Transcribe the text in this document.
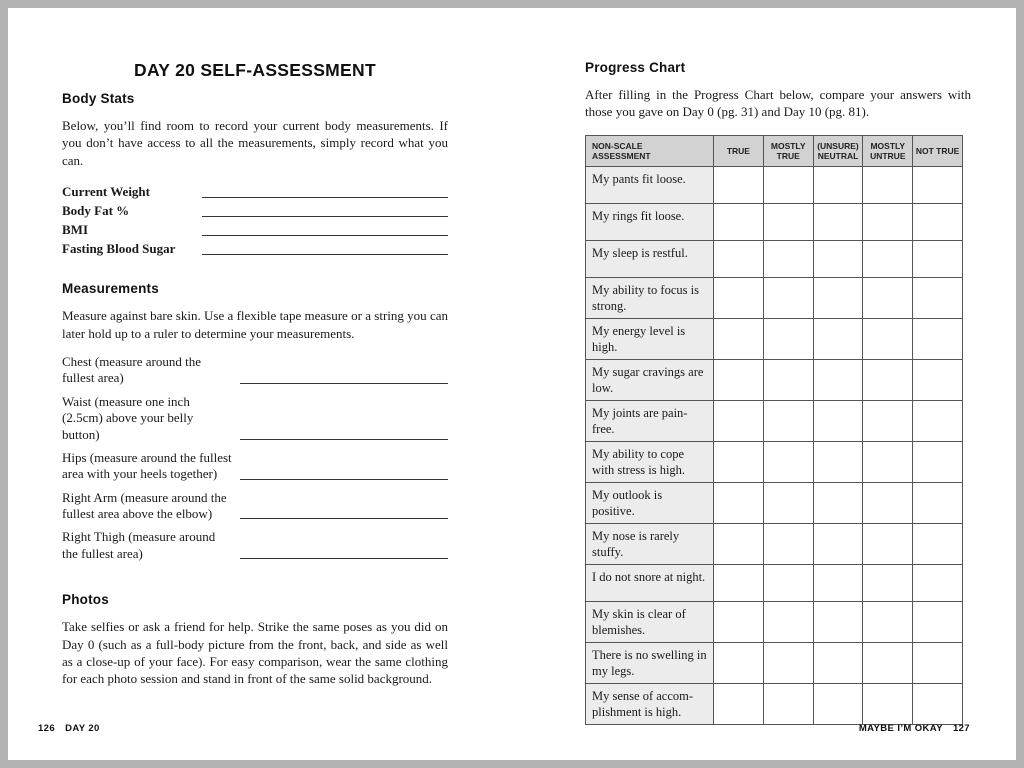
DAY 20 SELF-ASSESSMENT
Body Stats

Below, you’ll find room to record your current body measurements. If you don’t have access to all the measurements, simply record what you can.

Current Weight
Body Fat %
BMI
Fasting Blood Sugar
Measurements

Measure against bare skin. Use a flexible tape measure or a string you can later hold up to a ruler to determine your measurements.

Chest (measure around the fullest area)
Waist (measure one inch (2.5cm) above your belly button)
Hips (measure around the fullest area with your heels together)
Right Arm (measure around the fullest area above the elbow)
Right Thigh (measure around the fullest area)
Photos

Take selfies or ask a friend for help. Strike the same poses as you did on Day 0 (such as a full-body picture from the front, back, and side as well as a close-up of your face). For easy comparison, wear the same clothing for each photo session and stand in front of the same solid background.

Progress Chart

After filling in the Progress Chart below, compare your answers with those you gave on Day 0 (pg. 31) and Day 10 (pg. 81).

NON-SCALE ASSESSMENT	TRUE	MOSTLY TRUE	(UNSURE) NEUTRAL	MOSTLY UNTRUE	NOT TRUE
My pants fit loose.					
My rings fit loose.					
My sleep is restful.					
My ability to focus is strong.					
My energy level is high.					
My sugar cravings are low.					
My joints are pain-free.					
My ability to cope with stress is high.					
My outlook is positive.					
My nose is rarely stuffy.					
I do not snore at night.					
My skin is clear of blemishes.					
There is no swelling in my legs.					
My sense of accom-plishment is high.					
126 DAY 20	MAYBE I’M OKAY 127
